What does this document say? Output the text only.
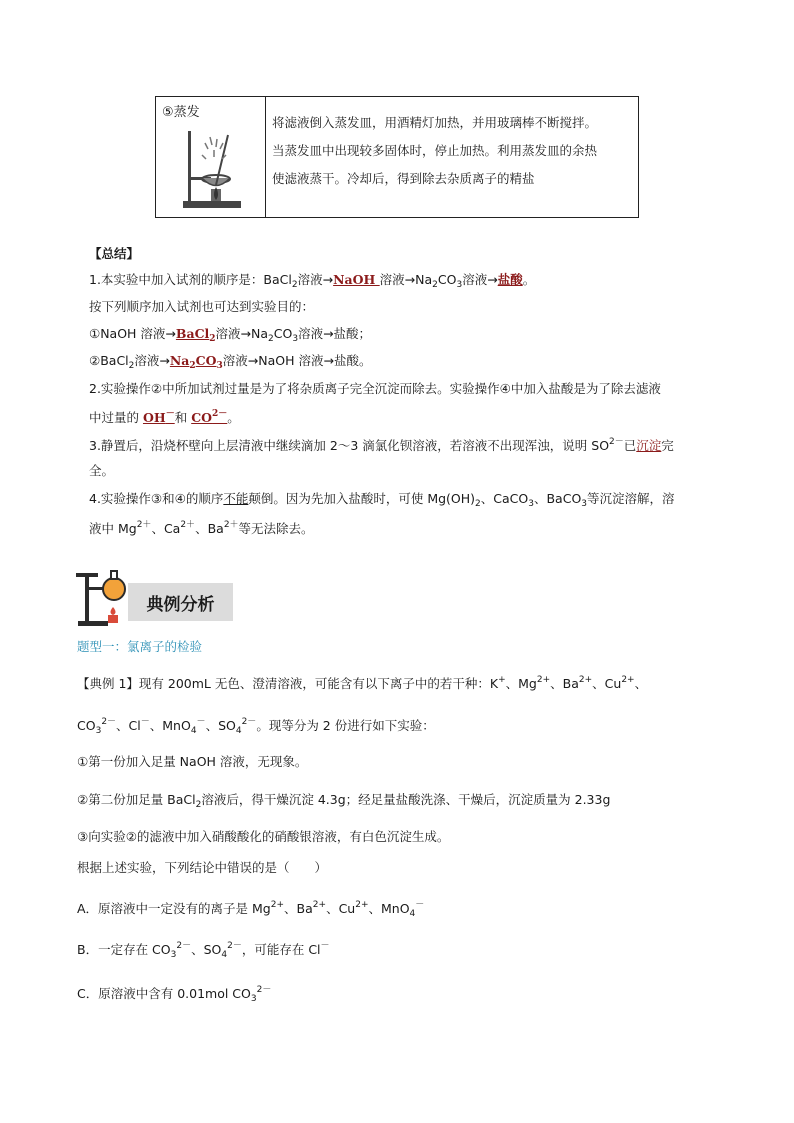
⑤蒸发
将滤液倒入蒸发皿，用酒精灯加热，并用玻璃棒不断搅拌。
当蒸发皿中出现较多固体时，停止加热。利用蒸发皿的余热
使滤液蒸干。冷却后，得到除去杂质离子的精盐
【总结】
1.本实验中加入试剂的顺序是：BaCl$_2$溶液→NaOH 溶液$\to Na_2CO_3$溶液→盐酸。
按下列顺序加入试剂也可达到实验目的：
①NaOH 溶液→BaCl$_2$溶液$\to Na_2CO_3$溶液→盐酸；
②BaCl$_2$溶液$\to Na_2CO_3$溶液→NaOH 溶液→盐酸。
2.实验操作②中所加试剂过量是为了将杂质离子完全沉淀而除去。实验操作④中加入盐酸是为了除去滤液
中过量的 OH－和 $CO^{2-}$。
3.静置后，沿烧杯壁向上层清液中继续滴加 2～3 滴氯化钡溶液，若溶液不出现浑浊，说明 $SO^{2-}$已沉淀完
全。
4.实验操作③和④的顺序不能颠倒。因为先加入盐酸时，可使 $Mg(OH)_2$、CaCO$_3$、BaCO$_3$等沉淀溶解，溶
液中 $Mg^{2+}$、$Ca^{2+}$、$Ba^{2+}$等无法除去。
典例分析
题型一：氯离子的检验
【典例 1】现有 200mL 无色、澄清溶液，可能含有以下离子中的若干种：K+、$Mg^{2+}$、$Ba^{2+}$、$Cu^{2+}$、
$CO_3^{2-}$、Cl－、MnO$_4$－、$SO_4^{2-}$。现等分为 2 份进行如下实验：
①第一份加入足量 NaOH 溶液，无现象。
②第二份加足量 BaCl$_2$溶液后，得干燥沉淀 4.3g；经足量盐酸洗涤、干燥后，沉淀质量为 2.33g
③向实验②的滤液中加入硝酸酸化的硝酸银溶液，有白色沉淀生成。
根据上述实验，下列结论中错误的是（　　）
A．原溶液中一定没有的离子是 $Mg^{2+}$、$Ba^{2+}$、$Cu^{2+}$、MnO$_4$－
B．一定存在 $CO_3^{2-}$、$SO_4^{2-}$，可能存在 Cl－
C．原溶液中含有 0.01mol $CO_3^{2-}$
